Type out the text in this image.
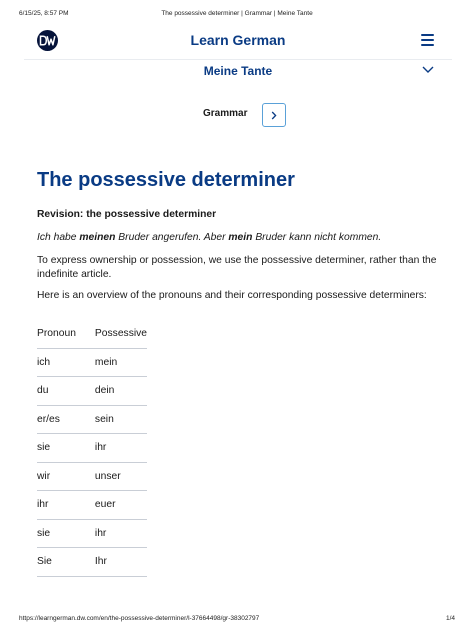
6/15/25, 8:57 PM	The possessive determiner | Grammar | Meine Tante
Learn German
Meine Tante
Grammar
The possessive determiner

Revision: the possessive determiner

Ich habe meinen Bruder angerufen. Aber mein Bruder kann nicht kommen.

To express ownership or possession, we use the possessive determiner, rather than the indefinite article.

Here is an overview of the pronouns and their corresponding possessive determiners:

Pronoun	Possessive
ich	mein
du	dein
er/es	sein
sie	ihr
wir	unser
ihr	euer
sie	ihr
Sie	Ihr
https://learngerman.dw.com/en/the-possessive-determiner/l-37664498/gr-38302797	1/4
